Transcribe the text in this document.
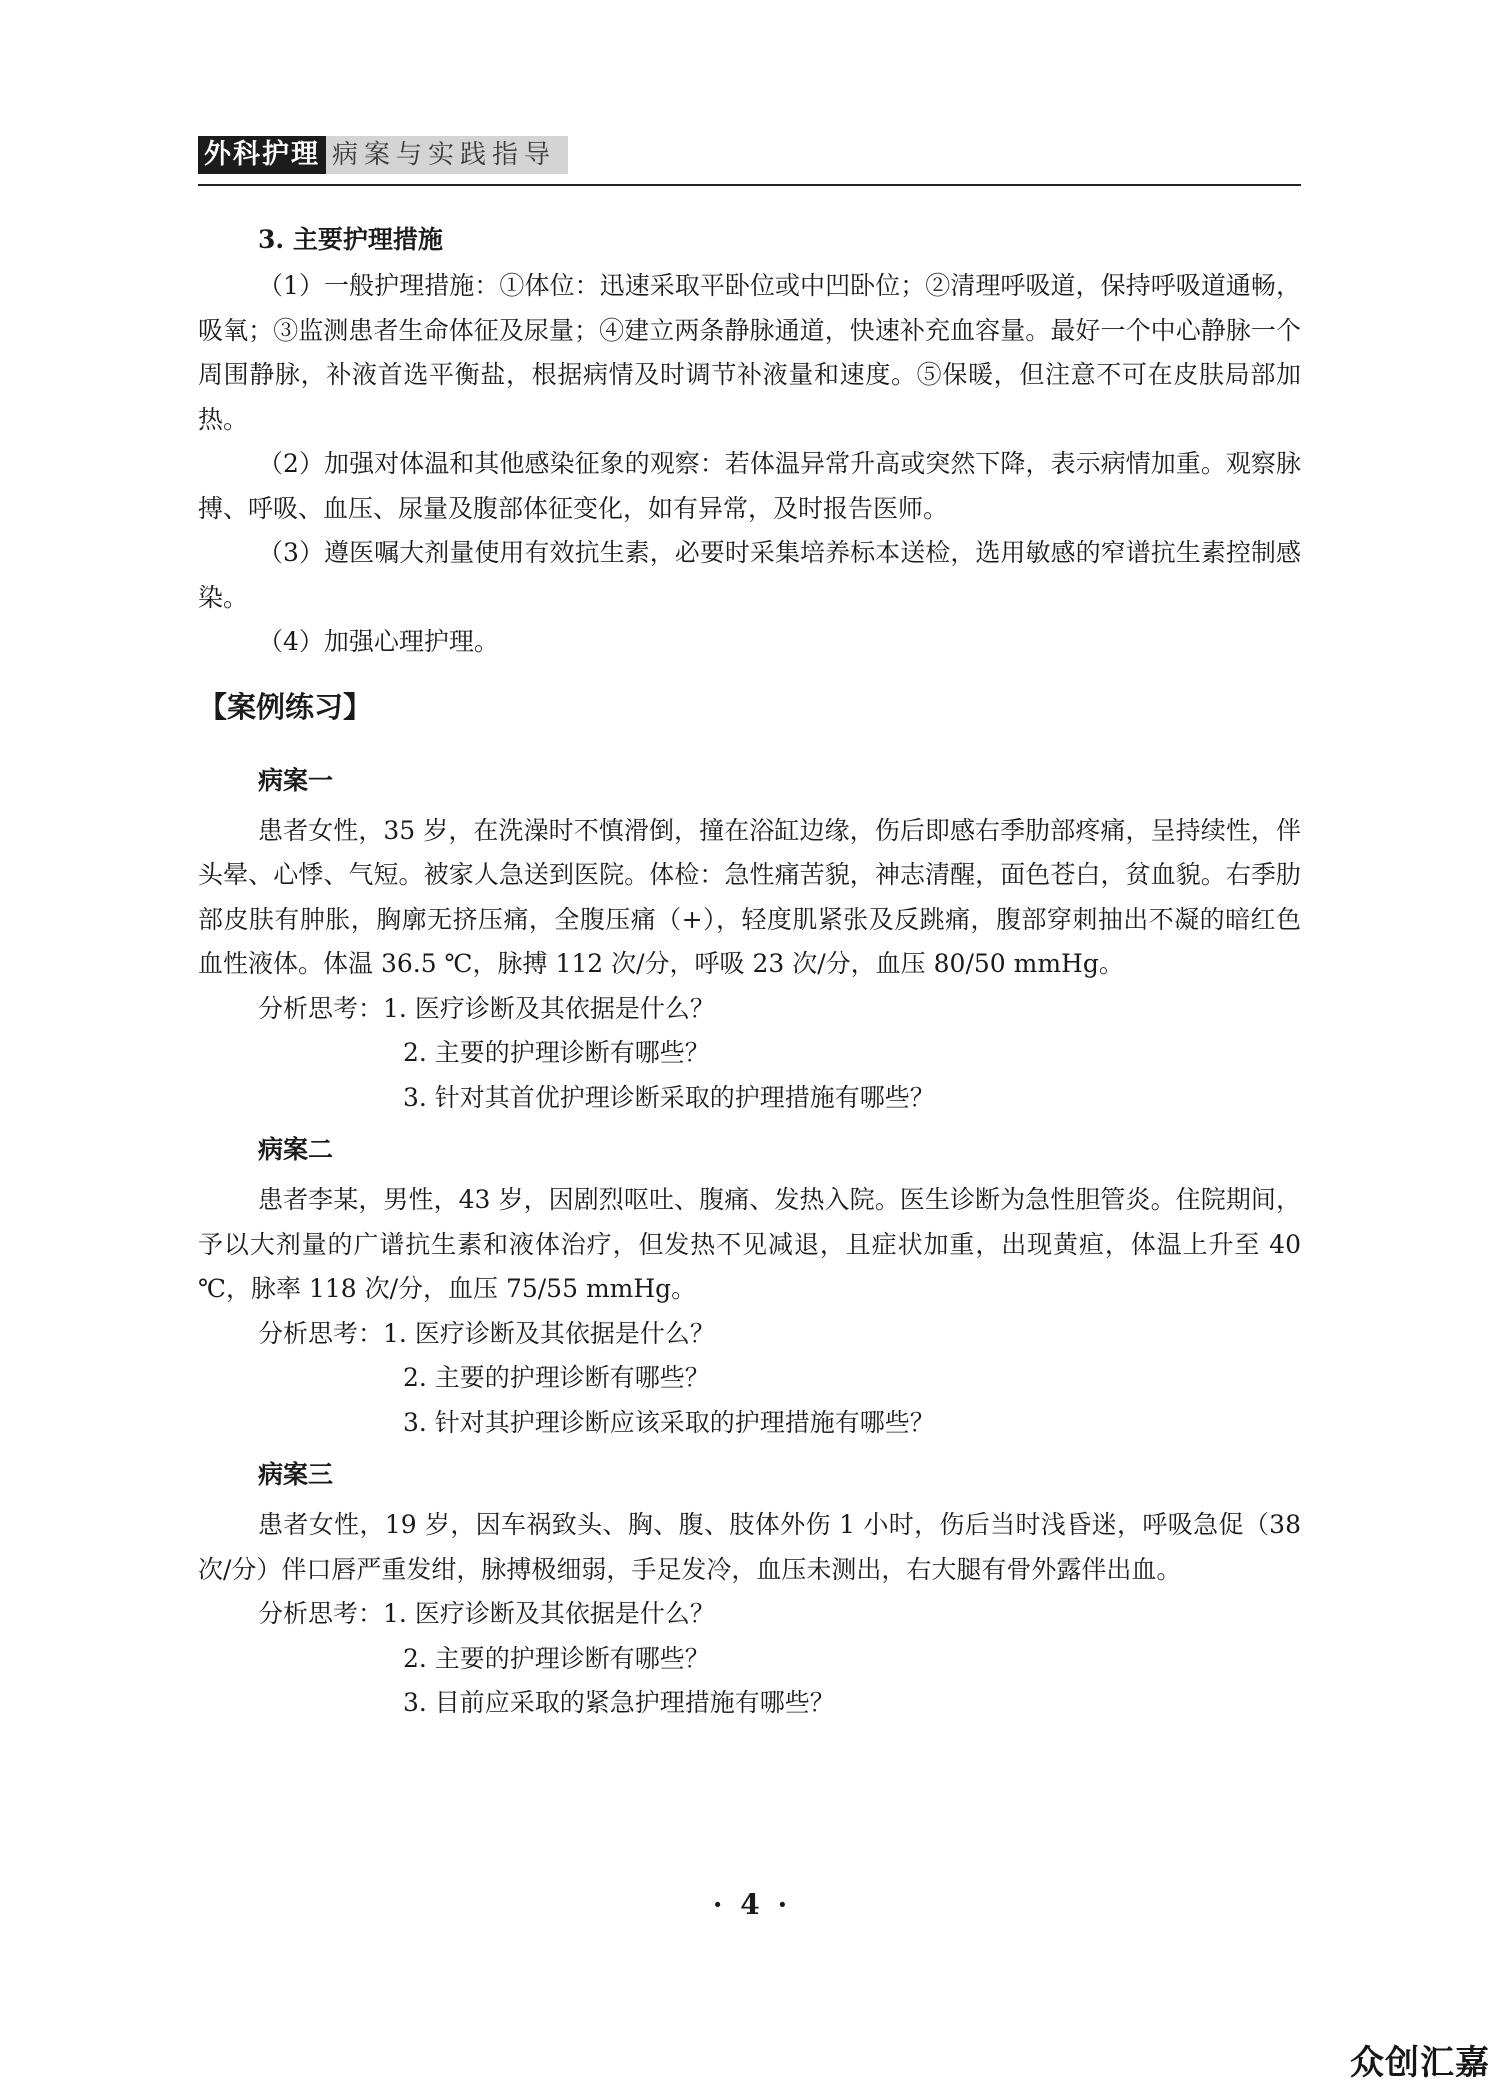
外科护理 病案与实践指导
3. 主要护理措施

（1）一般护理措施：①体位：迅速采取平卧位或中凹卧位；②清理呼吸道，保持呼吸道通畅，吸氧；③监测患者生命体征及尿量；④建立两条静脉通道，快速补充血容量。最好一个中心静脉一个周围静脉，补液首选平衡盐，根据病情及时调节补液量和速度。⑤保暖，但注意不可在皮肤局部加热。

（2）加强对体温和其他感染征象的观察：若体温异常升高或突然下降，表示病情加重。观察脉搏、呼吸、血压、尿量及腹部体征变化，如有异常，及时报告医师。

（3）遵医嘱大剂量使用有效抗生素，必要时采集培养标本送检，选用敏感的窄谱抗生素控制感染。

（4）加强心理护理。

【案例练习】
病案一

患者女性，35 岁，在洗澡时不慎滑倒，撞在浴缸边缘，伤后即感右季肋部疼痛，呈持续性，伴头晕、心悸、气短。被家人急送到医院。体检：急性痛苦貌，神志清醒，面色苍白，贫血貌。右季肋部皮肤有肿胀，胸廓无挤压痛，全腹压痛（+），轻度肌紧张及反跳痛，腹部穿刺抽出不凝的暗红色血性液体。体温 36.5 ℃，脉搏 112 次/分，呼吸 23 次/分，血压 80/50 mmHg。

分析思考：1. 医疗诊断及其依据是什么？

2. 主要的护理诊断有哪些？

3. 针对其首优护理诊断采取的护理措施有哪些？

病案二

患者李某，男性，43 岁，因剧烈呕吐、腹痛、发热入院。医生诊断为急性胆管炎。住院期间，予以大剂量的广谱抗生素和液体治疗，但发热不见减退，且症状加重，出现黄疸，体温上升至 40 ℃，脉率 118 次/分，血压 75/55 mmHg。

分析思考：1. 医疗诊断及其依据是什么？

2. 主要的护理诊断有哪些？

3. 针对其护理诊断应该采取的护理措施有哪些？

病案三

患者女性，19 岁，因车祸致头、胸、腹、肢体外伤 1 小时，伤后当时浅昏迷，呼吸急促（38 次/分）伴口唇严重发绀，脉搏极细弱，手足发冷，血压未测出，右大腿有骨外露伴出血。

分析思考：1. 医疗诊断及其依据是什么？

2. 主要的护理诊断有哪些？

3. 目前应采取的紧急护理措施有哪些？

· 4 ·
众创汇嘉
